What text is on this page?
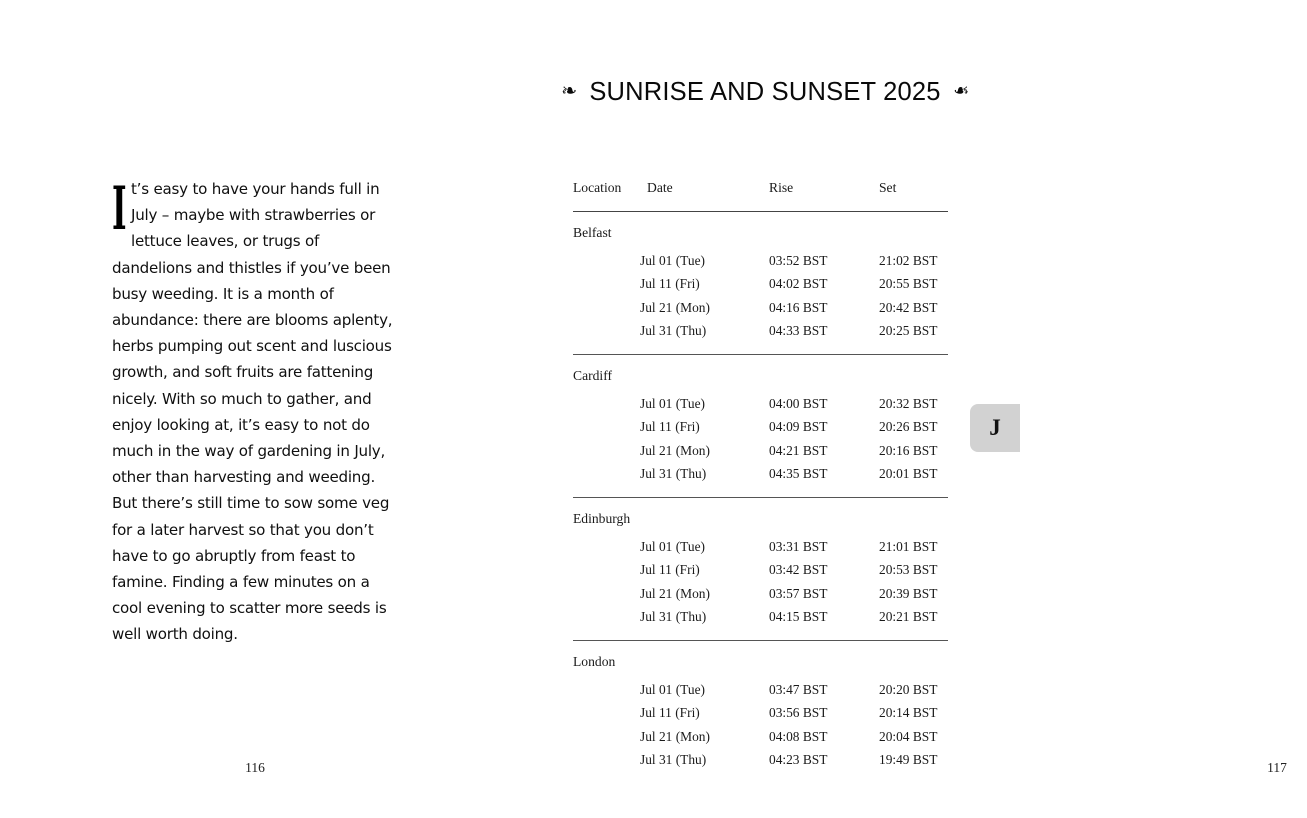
It’s easy to have your hands full in July – maybe with strawberries or lettuce leaves, or trugs of dandelions and thistles if you’ve been busy weeding. It is a month of abundance: there are blooms aplenty, herbs pumping out scent and luscious growth, and soft fruits are fattening nicely. With so much to gather, and enjoy looking at, it’s easy to not do much in the way of gardening in July, other than harvesting and weeding. But there’s still time to sow some veg for a later harvest so that you don’t have to go abruptly from feast to famine. Finding a few minutes on a cool evening to scatter more seeds is well worth doing.

116
❧ SUNRISE AND SUNSET 2025 ❧
Location	Date	Rise	Set
Belfast			
	Jul 01 (Tue)	03:52 BST	21:02 BST
	Jul 11 (Fri)	04:02 BST	20:55 BST
	Jul 21 (Mon)	04:16 BST	20:42 BST
	Jul 31 (Thu)	04:33 BST	20:25 BST
Cardiff			
	Jul 01 (Tue)	04:00 BST	20:32 BST
	Jul 11 (Fri)	04:09 BST	20:26 BST
	Jul 21 (Mon)	04:21 BST	20:16 BST
	Jul 31 (Thu)	04:35 BST	20:01 BST
Edinburgh			
	Jul 01 (Tue)	03:31 BST	21:01 BST
	Jul 11 (Fri)	03:42 BST	20:53 BST
	Jul 21 (Mon)	03:57 BST	20:39 BST
	Jul 31 (Thu)	04:15 BST	20:21 BST
London			
	Jul 01 (Tue)	03:47 BST	20:20 BST
	Jul 11 (Fri)	03:56 BST	20:14 BST
	Jul 21 (Mon)	04:08 BST	20:04 BST
	Jul 31 (Thu)	04:23 BST	19:49 BST
117
J
